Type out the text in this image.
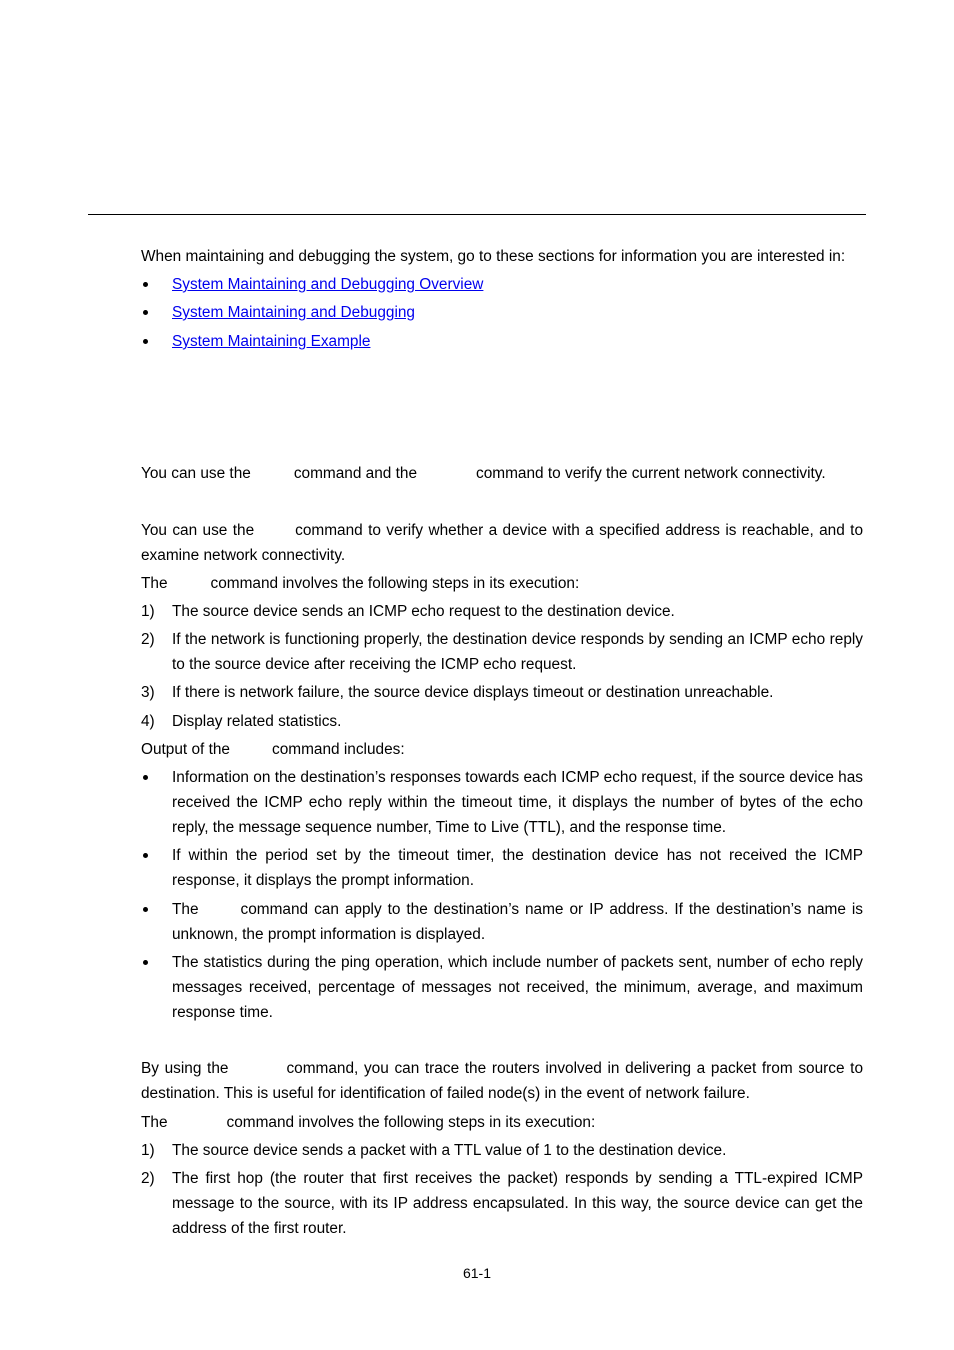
When maintaining and debugging the system, go to these sections for information you are interested in:

System Maintaining and Debugging Overview
System Maintaining and Debugging
System Maintaining Example

You can use the	command and the	command to verify the current network connectivity.

You can use the	command to verify whether a device with a specified address is reachable, and to examine network connectivity.

The	command involves the following steps in its execution:

1)	The source device sends an ICMP echo request to the destination device.
2)	If the network is functioning properly, the destination device responds by sending an ICMP echo reply to the source device after receiving the ICMP echo request.
3)	If there is network failure, the source device displays timeout or destination unreachable.
4)	Display related statistics.

Output of the	command includes:

Information on the destination’s responses towards each ICMP echo request, if the source device has received the ICMP echo reply within the timeout time, it displays the number of bytes of the echo reply, the message sequence number, Time to Live (TTL), and the response time.
If within the period set by the timeout timer, the destination device has not received the ICMP response, it displays the prompt information.
The	command can apply to the destination’s name or IP address. If the destination’s name is unknown, the prompt information is displayed.
The statistics during the ping operation, which include number of packets sent, number of echo reply messages received, percentage of messages not received, the minimum, average, and maximum response time.

By using the	command, you can trace the routers involved in delivering a packet from source to destination. This is useful for identification of failed node(s) in the event of network failure.

The	command involves the following steps in its execution:

1)	The source device sends a packet with a TTL value of 1 to the destination device.
2)	The first hop (the router that first receives the packet) responds by sending a TTL-expired ICMP message to the source, with its IP address encapsulated. In this way, the source device can get the address of the first router.
61-1
